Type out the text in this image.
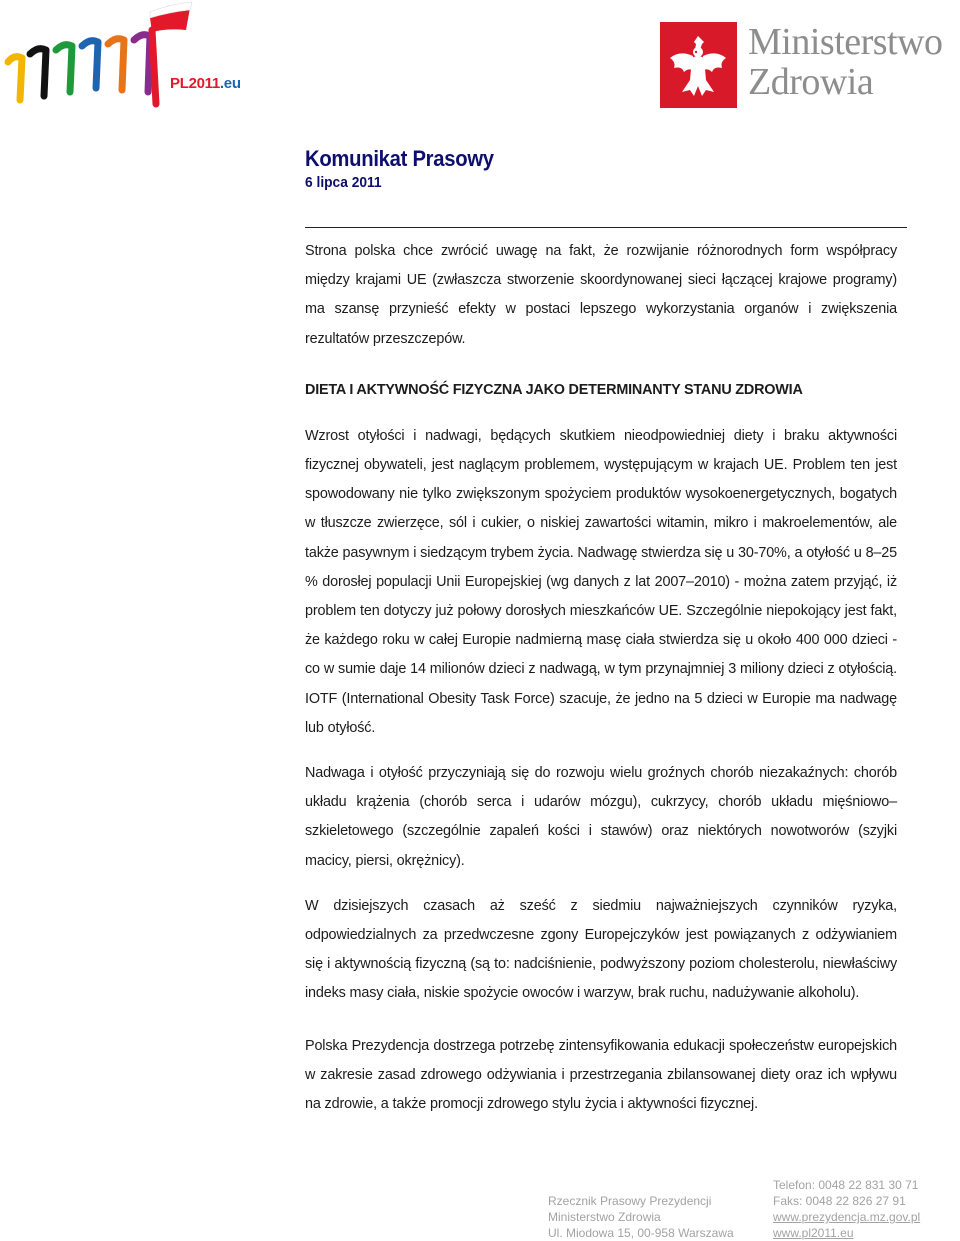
PL2011.eu
Ministerstwo
Zdrowia
Komunikat Prasowy
6 lipca 2011

Strona polska chce zwrócić uwagę na fakt, że rozwijanie różnorodnych form współpracy między krajami UE (zwłaszcza stworzenie skoordynowanej sieci łączącej krajowe programy) ma szansę przynieść efekty w postaci lepszego wykorzystania organów i zwiększenia rezultatów przeszczepów.

DIETA I AKTYWNOŚĆ FIZYCZNA JAKO DETERMINANTY STANU ZDROWIA

Wzrost otyłości i nadwagi, będących skutkiem nieodpowiedniej diety i braku aktywności fizycznej obywateli, jest naglącym problemem, występującym w krajach UE. Problem ten jest spowodowany nie tylko zwiększonym spożyciem produktów wysokoenergetycznych, bogatych w tłuszcze zwierzęce, sól i cukier, o niskiej zawartości witamin, mikro i makroelementów, ale także pasywnym i siedzącym trybem życia. Nadwagę stwierdza się u 30-70%, a otyłość u 8–25 % dorosłej populacji Unii Europejskiej (wg danych z lat 2007–2010) - można zatem przyjąć, iż problem ten dotyczy już połowy dorosłych mieszkańców UE. Szczególnie niepokojący jest fakt, że każdego roku w całej Europie nadmierną masę ciała stwierdza się u około 400 000 dzieci - co w sumie daje 14 milionów dzieci z nadwagą, w tym przynajmniej 3 miliony dzieci z otyłością. IOTF (International Obesity Task Force) szacuje, że jedno na 5 dzieci w Europie ma nadwagę lub otyłość.

Nadwaga i otyłość przyczyniają się do rozwoju wielu groźnych chorób niezakaźnych: chorób układu krążenia (chorób serca i udarów mózgu), cukrzycy, chorób układu mięśniowo–szkieletowego (szczególnie zapaleń kości i stawów) oraz niektórych nowotworów (szyjki macicy, piersi, okrężnicy).

W dzisiejszych czasach aż sześć z siedmiu najważniejszych czynników ryzyka, odpowiedzialnych za przedwczesne zgony Europejczyków jest powiązanych z odżywianiem się i aktywnością fizyczną (są to: nadciśnienie, podwyższony poziom cholesterolu, niewłaściwy indeks masy ciała, niskie spożycie owoców i warzyw, brak ruchu, nadużywanie alkoholu).

Polska Prezydencja dostrzega potrzebę zintensyfikowania edukacji społeczeństw europejskich w zakresie zasad zdrowego odżywiania i przestrzegania zbilansowanej diety oraz ich wpływu na zdrowie, a także promocji zdrowego stylu życia i aktywności fizycznej.

Rzecznik Prasowy Prezydencji
Ministerstwo Zdrowia
Ul. Miodowa 15, 00-958 Warszawa
Telefon: 0048 22 831 30 71
Faks: 0048 22 826 27 91
www.prezydencja.mz.gov.pl
www.pl2011.eu
